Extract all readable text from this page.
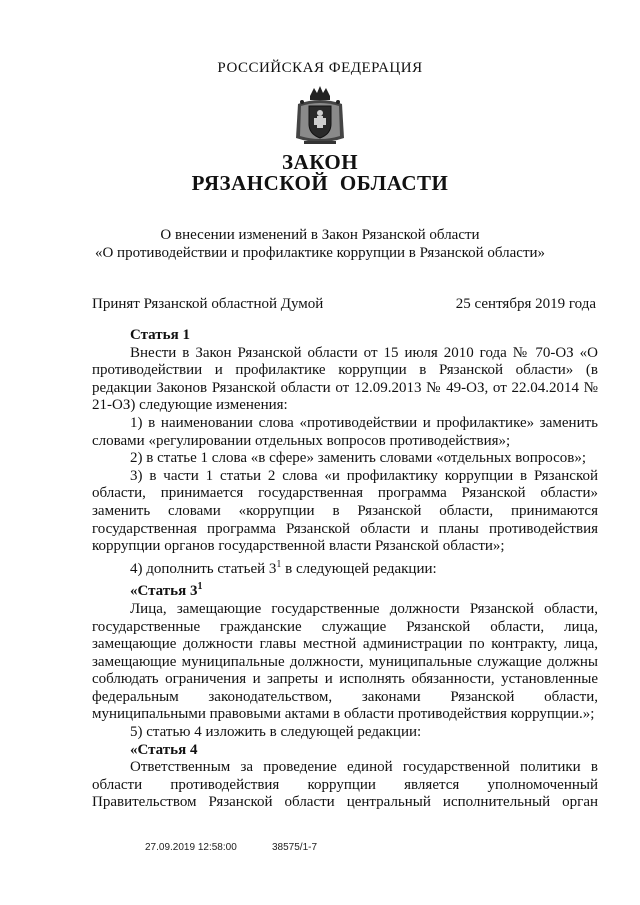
РОССИЙСКАЯ ФЕДЕРАЦИЯ
ЗАКОН
РЯЗАНСКОЙ ОБЛАСТИ
О внесении изменений в Закон Рязанской области
«О противодействии и профилактике коррупции в Рязанской области»
Принят Рязанской областной Думой	25 сентября 2019 года

Статья 1

Внести в Закон Рязанской области от 15 июля 2010 года № 70-ОЗ «О противодействии и профилактике коррупции в Рязанской области» (в редакции Законов Рязанской области от 12.09.2013 № 49-ОЗ, от 22.04.2014 № 21-ОЗ) следующие изменения:

1) в наименовании слова «противодействии и профилактике» заменить словами «регулировании отдельных вопросов противодействия»;

2) в статье 1 слова «в сфере» заменить словами «отдельных вопросов»;

3) в части 1 статьи 2 слова «и профилактику коррупции в Рязанской области, принимается государственная программа Рязанской области» заменить словами «коррупции в Рязанской области, принимаются государственная программа Рязанской области и планы противодействия коррупции органов государственной власти Рязанской области»;

4) дополнить статьей $3^1$ в следующей редакции:

«Статья $3^1$

Лица, замещающие государственные должности Рязанской области, государственные гражданские служащие Рязанской области, лица, замещающие должности главы местной администрации по контракту, лица, замещающие муниципальные должности, муниципальные служащие должны соблюдать ограничения и запреты и исполнять обязанности, установленные федеральным законодательством, законами Рязанской области, муниципальными правовыми актами в области противодействия коррупции.»;

5) статью 4 изложить в следующей редакции:

«Статья 4

Ответственным за проведение единой государственной политики в области противодействия коррупции является уполномоченный Правительством Рязанской области центральный исполнительный орган

27.09.2019 12:58:00	38575/1-7
